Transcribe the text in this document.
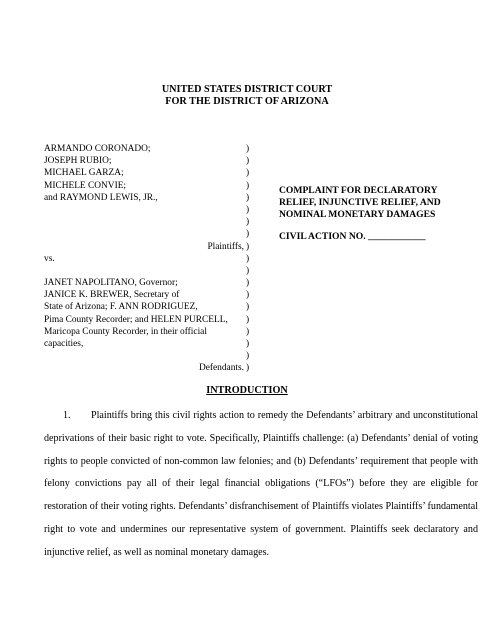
UNITED STATES DISTRICT COURT
FOR THE DISTRICT OF ARIZONA
ARMANDO CORONADO;
JOSEPH RUBIO;
MICHAEL GARZA;
MICHELE CONVIE;
and RAYMOND LEWIS, JR.,
Plaintiffs,
vs.
JANET NAPOLITANO, Governor;
JANICE K. BREWER, Secretary of
State of Arizona; F. ANN RODRIGUEZ,
Pima County Recorder; and HELEN PURCELL,
Maricopa County Recorder, in their official
capacities,
Defendants.
)
)
)
)
)
)
)
)
)
)
)
)
)
)
)
)
)
)
)
COMPLAINT FOR DECLARATORY
RELIEF, INJUNCTIVE RELIEF, AND
NOMINAL MONETARY DAMAGES
CIVIL ACTION NO. ____________
INTRODUCTION

1. Plaintiffs bring this civil rights action to remedy the Defendants’ arbitrary and unconstitutional deprivations of their basic right to vote. Specifically, Plaintiffs challenge: (a) Defendants’ denial of voting rights to people convicted of non-common law felonies; and (b) Defendants’ requirement that people with felony convictions pay all of their legal financial obligations (“LFOs”) before they are eligible for restoration of their voting rights. Defendants’ disfranchisement of Plaintiffs violates Plaintiffs’ fundamental right to vote and undermines our representative system of government. Plaintiffs seek declaratory and injunctive relief, as well as nominal monetary damages.
